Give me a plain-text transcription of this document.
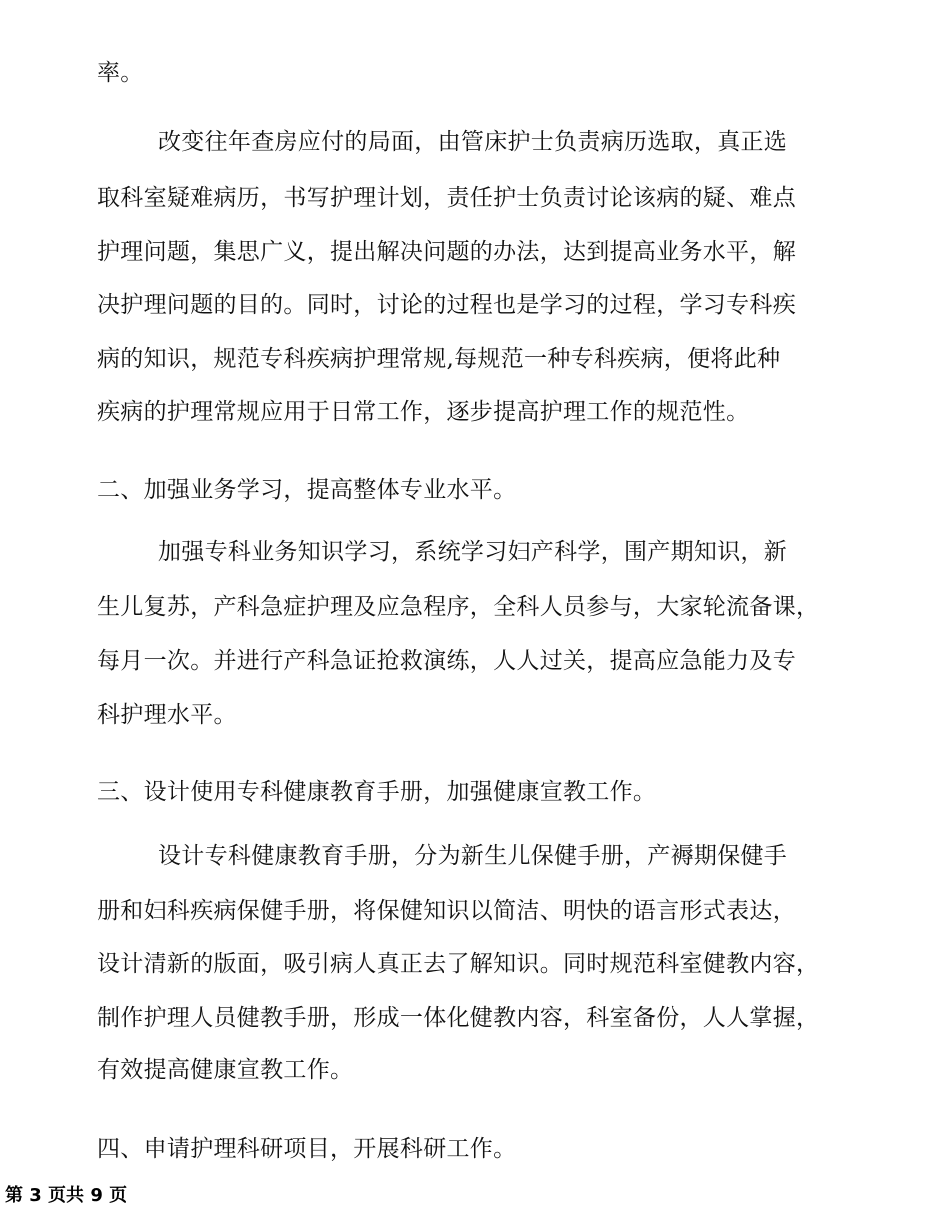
率。
改变往年查房应付的局面，由管床护士负责病历选取，真正选
取科室疑难病历，书写护理计划，责任护士负责讨论该病的疑、难点
护理问题，集思广义，提出解决问题的办法，达到提高业务水平，解
决护理问题的目的。同时，讨论的过程也是学习的过程，学习专科疾
病的知识，规范专科疾病护理常规,每规范一种专科疾病，便将此种
疾病的护理常规应用于日常工作，逐步提高护理工作的规范性。
二、加强业务学习，提高整体专业水平。
加强专科业务知识学习，系统学习妇产科学，围产期知识，新
生儿复苏，产科急症护理及应急程序，全科人员参与，大家轮流备课，
每月一次。并进行产科急证抢救演练，人人过关，提高应急能力及专
科护理水平。
三、设计使用专科健康教育手册，加强健康宣教工作。
设计专科健康教育手册，分为新生儿保健手册，产褥期保健手
册和妇科疾病保健手册，将保健知识以简洁、明快的语言形式表达，
设计清新的版面，吸引病人真正去了解知识。同时规范科室健教内容，
制作护理人员健教手册，形成一体化健教内容，科室备份，人人掌握，
有效提高健康宣教工作。
四、申请护理科研项目，开展科研工作。
第 3 页共 9 页
